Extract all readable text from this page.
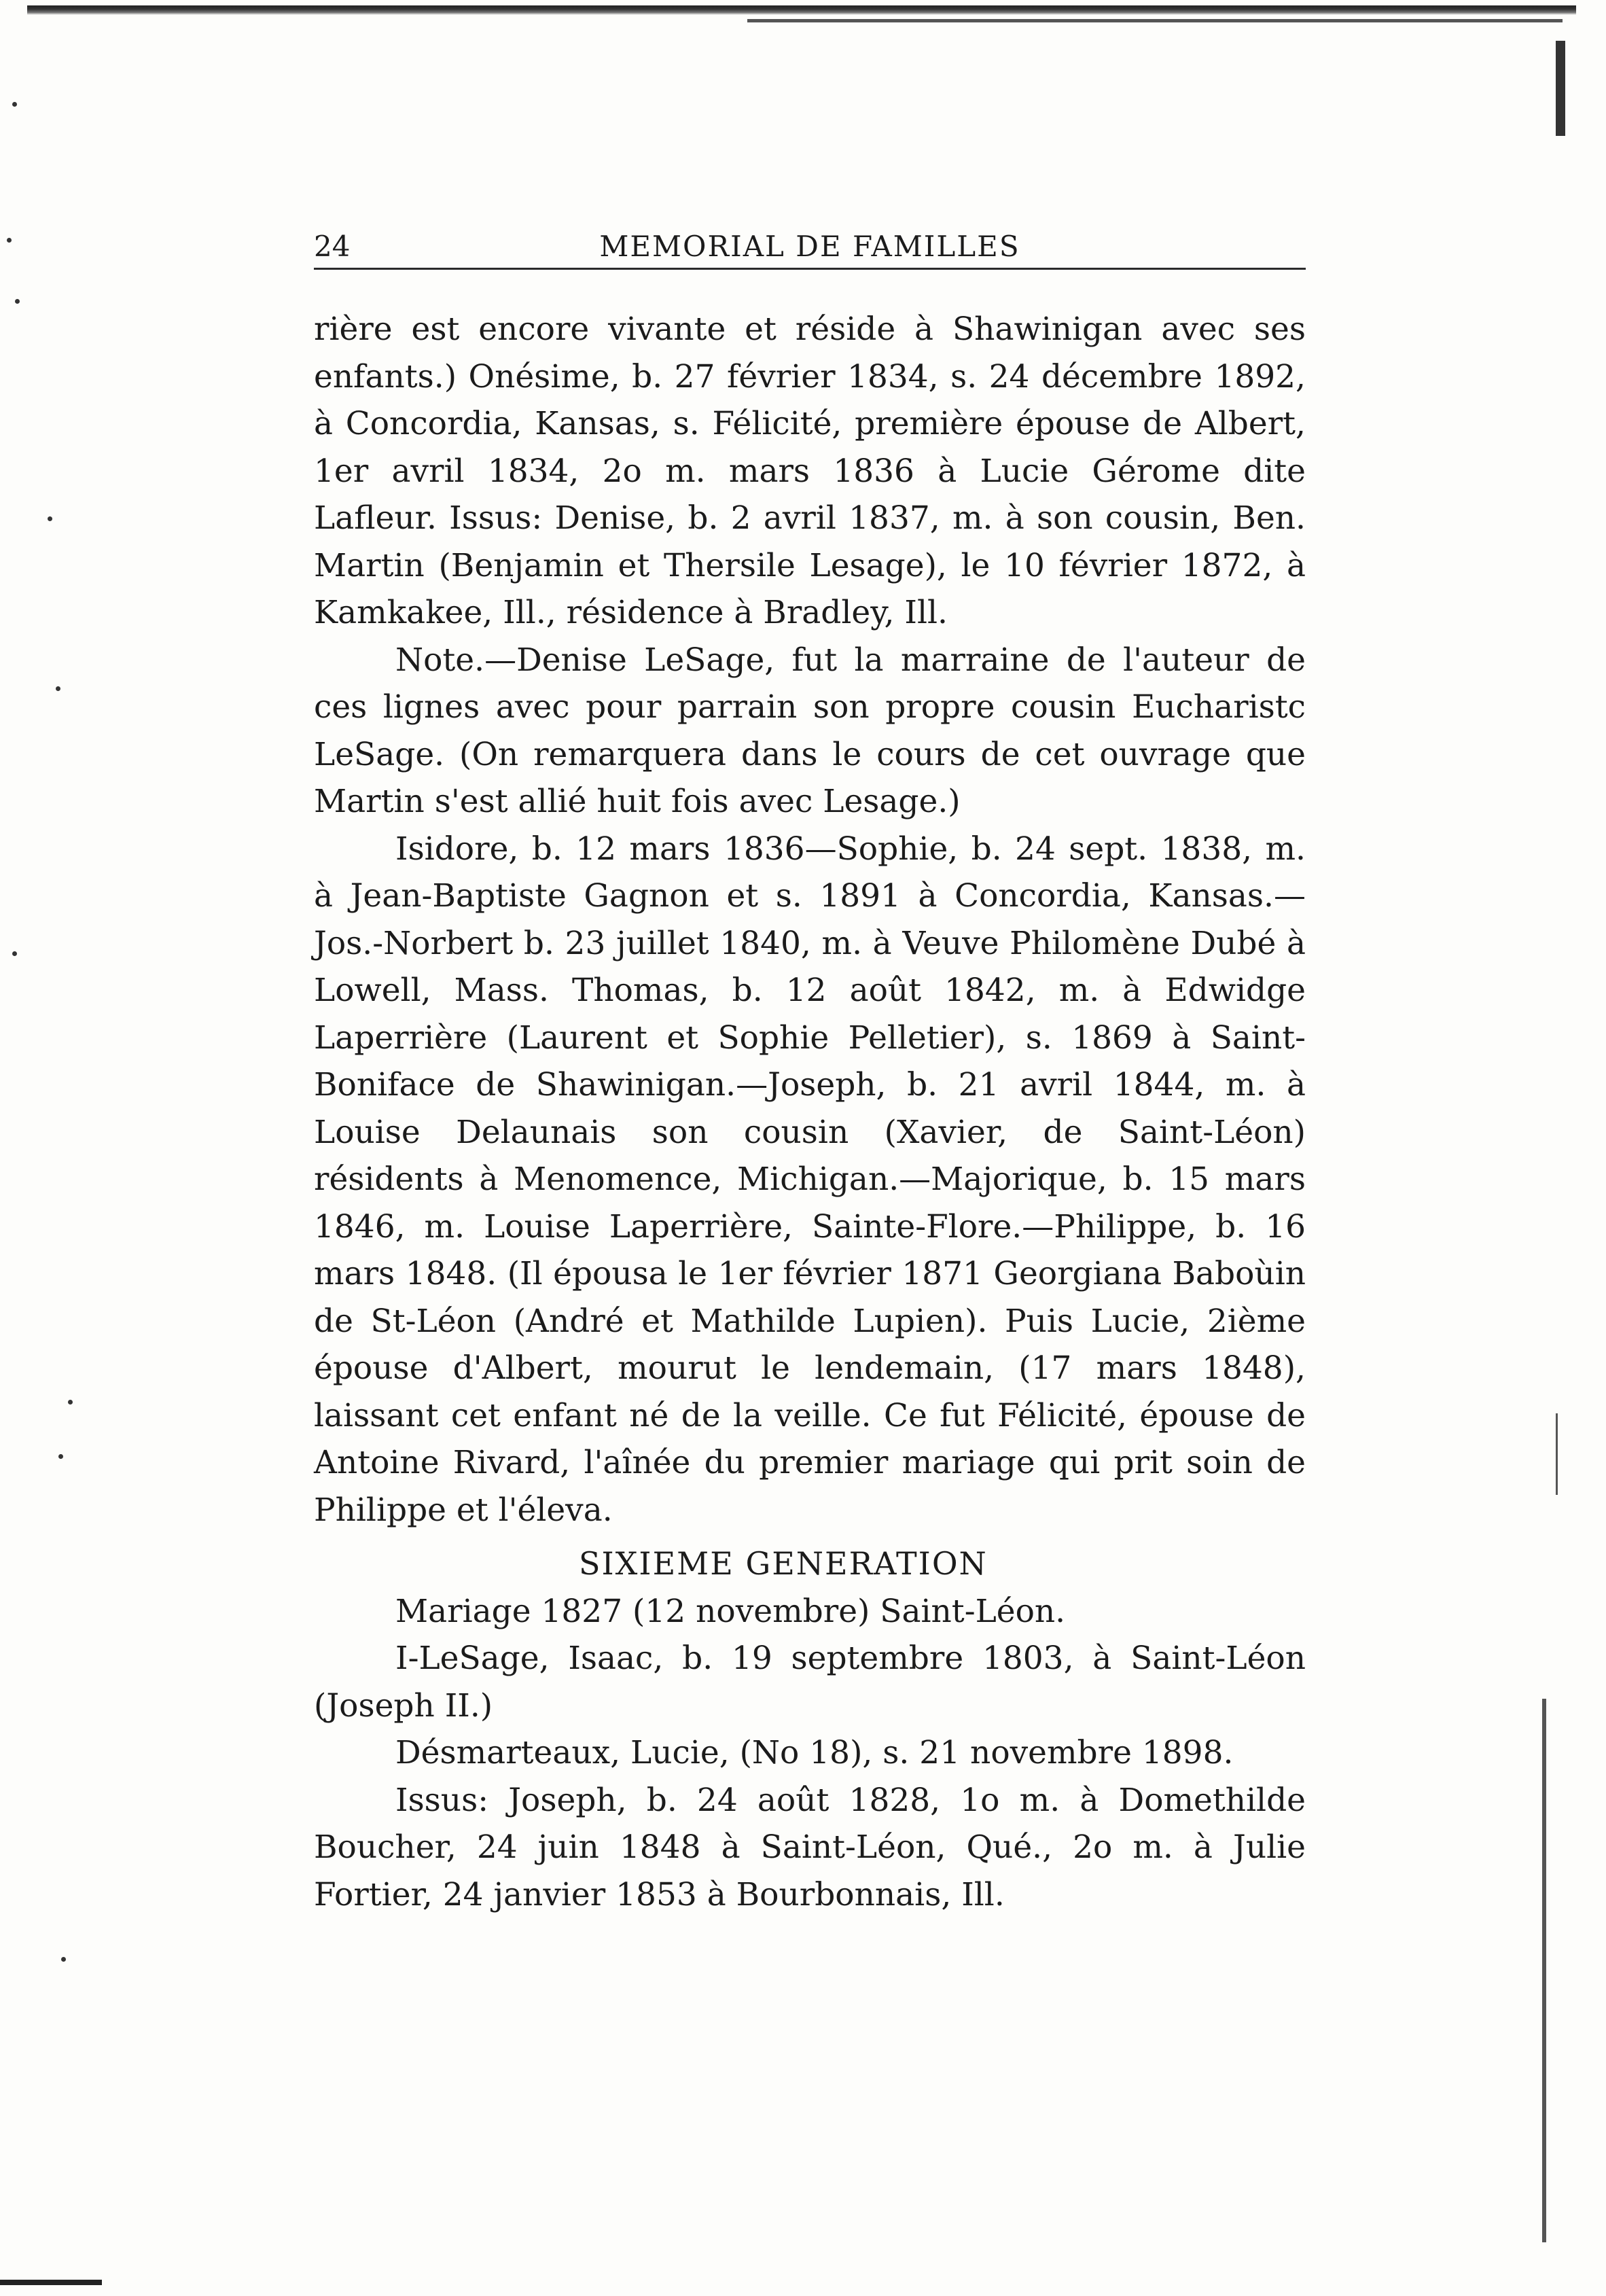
24	MEMORIAL DE FAMILLES

rière est encore vivante et réside à Shawinigan avec ses enfants.) Onésime, b. 27 février 1834, s. 24 décembre 1892, à Concordia, Kansas, s. Félicité, première épouse de Albert, 1er avril 1834, 2o m. mars 1836 à Lucie Gérome dite Lafleur. Issus: Denise, b. 2 avril 1837, m. à son cousin, Ben. Martin (Benjamin et Thersile Lesage), le 10 février 1872, à Kamkakee, Ill., résidence à Bradley, Ill.

Note.—Denise LeSage, fut la marraine de l'auteur de ces lignes avec pour parrain son propre cousin Eucharistc LeSage. (On remarquera dans le cours de cet ouvrage que Martin s'est allié huit fois avec Lesage.)

Isidore, b. 12 mars 1836—Sophie, b. 24 sept. 1838, m. à Jean-Baptiste Gagnon et s. 1891 à Concordia, Kansas.—Jos.-Norbert b. 23 juillet 1840, m. à Veuve Philomène Dubé à Lowell, Mass. Thomas, b. 12 août 1842, m. à Edwidge Laperrière (Laurent et Sophie Pelletier), s. 1869 à Saint-Boniface de Shawinigan.—Joseph, b. 21 avril 1844, m. à Louise Delaunais son cousin (Xavier, de Saint-Léon) résidents à Menomence, Michigan.—Majorique, b. 15 mars 1846, m. Louise Laperrière, Sainte-Flore.—Philippe, b. 16 mars 1848. (Il épousa le 1er février 1871 Georgiana Baboùin de St-Léon (André et Mathilde Lupien). Puis Lucie, 2ième épouse d'Albert, mourut le lendemain, (17 mars 1848), laissant cet enfant né de la veille. Ce fut Félicité, épouse de Antoine Rivard, l'aînée du premier mariage qui prit soin de Philippe et l'éleva.

SIXIEME GENERATION

Mariage 1827 (12 novembre) Saint-Léon.

I-LeSage, Isaac, b. 19 septembre 1803, à Saint-Léon (Joseph II.)

Désmarteaux, Lucie, (No 18), s. 21 novembre 1898.

Issus: Joseph, b. 24 août 1828, 1o m. à Domethilde Boucher, 24 juin 1848 à Saint-Léon, Qué., 2o m. à Julie Fortier, 24 janvier 1853 à Bourbonnais, Ill.
